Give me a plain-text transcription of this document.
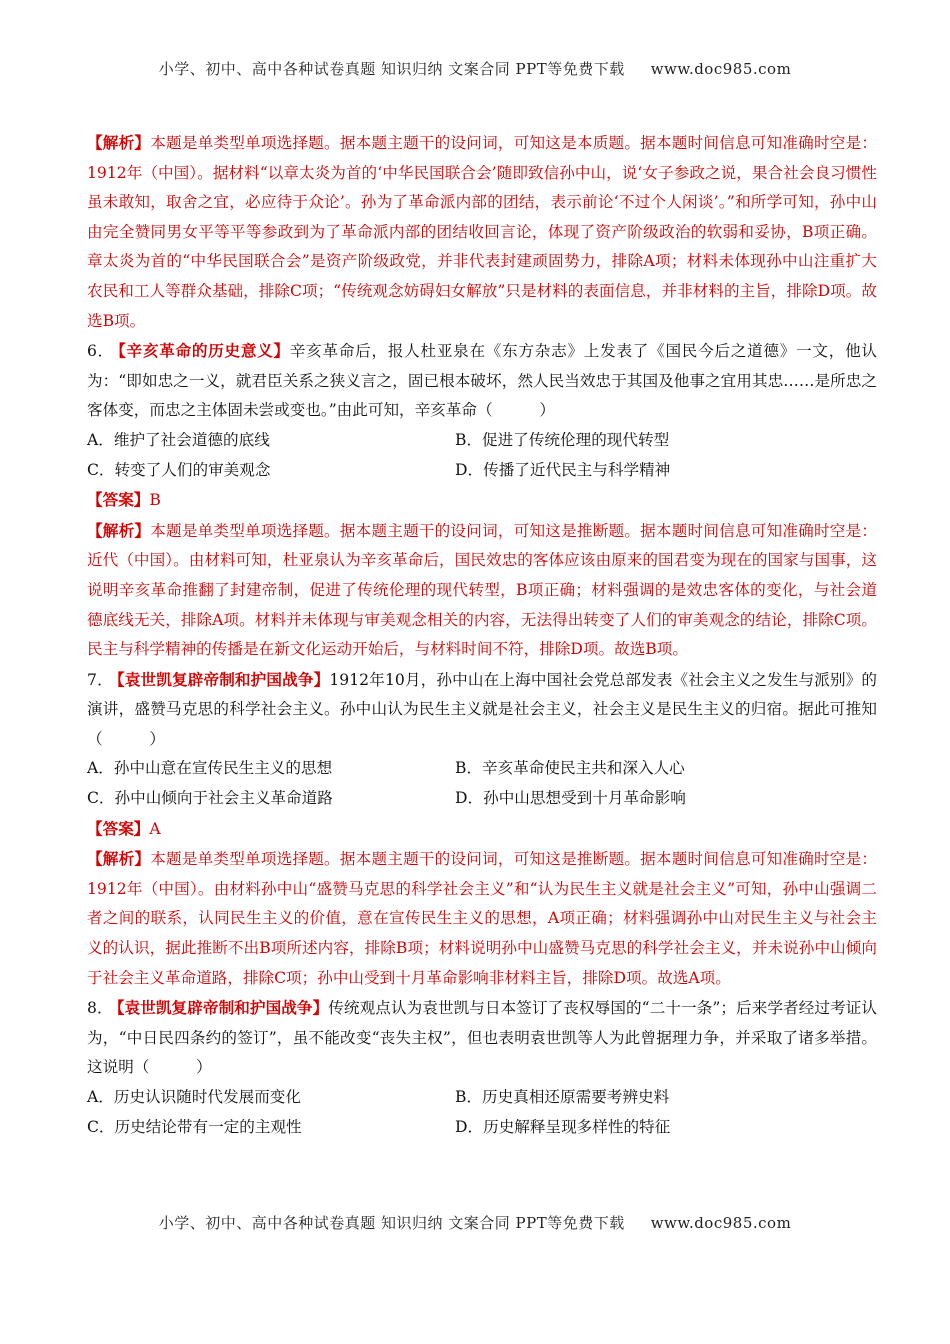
小学、初中、高中各种试卷真题 知识归纳 文案合同 PPT等免费下载 www.doc985.com

【解析】本题是单类型单项选择题。据本题主题干的设问词，可知这是本质题。据本题时间信息可知准确时空是：1912年（中国）。据材料“以章太炎为首的‘中华民国联合会’随即致信孙中山，说‘女子参政之说，果合社会良习惯性虽未敢知，取舍之宜，必应待于众论’。孙为了革命派内部的团结，表示前论‘不过个人闲谈’。”和所学可知，孙中山由完全赞同男女平等平等参政到为了革命派内部的团结收回言论，体现了资产阶级政治的软弱和妥协，B项正确。章太炎为首的“中华民国联合会”是资产阶级政党，并非代表封建顽固势力，排除A项；材料未体现孙中山注重扩大农民和工人等群众基础，排除C项；“传统观念妨碍妇女解放”只是材料的表面信息，并非材料的主旨，排除D项。故选B项。

6． 【辛亥革命的历史意义】辛亥革命后，报人杜亚泉在《东方杂志》上发表了《国民今后之道德》一文，他认为：“即如忠之一义，就君臣关系之狭义言之，固已根本破坏，然人民当效忠于其国及他事之宜用其忠……是所忠之客体变，而忠之主体固未尝或变也。”由此可知，辛亥革命（　　　）

A．维护了社会道德的底线	B．促进了传统伦理的现代转型

C．转变了人们的审美观念	D．传播了近代民主与科学精神

【答案】B

【解析】本题是单类型单项选择题。据本题主题干的设问词，可知这是推断题。据本题时间信息可知准确时空是：近代（中国）。由材料可知，杜亚泉认为辛亥革命后，国民效忠的客体应该由原来的国君变为现在的国家与国事，这说明辛亥革命推翻了封建帝制，促进了传统伦理的现代转型，B项正确；材料强调的是效忠客体的变化，与社会道德底线无关，排除A项。材料并未体现与审美观念相关的内容，无法得出转变了人们的审美观念的结论，排除C项。民主与科学精神的传播是在新文化运动开始后，与材料时间不符，排除D项。故选B项。

7． 【袁世凯复辟帝制和护国战争】1912年10月，孙中山在上海中国社会党总部发表《社会主义之发生与派别》的演讲，盛赞马克思的科学社会主义。孙中山认为民生主义就是社会主义，社会主义是民生主义的归宿。据此可推知（　　　）

A．孙中山意在宣传民生主义的思想	B．辛亥革命使民主共和深入人心

C．孙中山倾向于社会主义革命道路	D．孙中山思想受到十月革命影响

【答案】A

【解析】本题是单类型单项选择题。据本题主题干的设问词，可知这是推断题。据本题时间信息可知准确时空是：1912年（中国）。由材料孙中山“盛赞马克思的科学社会主义”和“认为民生主义就是社会主义”可知，孙中山强调二者之间的联系，认同民生主义的价值，意在宣传民生主义的思想，A项正确；材料强调孙中山对民生主义与社会主义的认识，据此推断不出B项所述内容，排除B项；材料说明孙中山盛赞马克思的科学社会主义，并未说孙中山倾向于社会主义革命道路，排除C项；孙中山受到十月革命影响非材料主旨，排除D项。故选A项。

8． 【袁世凯复辟帝制和护国战争】传统观点认为袁世凯与日本签订了丧权辱国的“二十一条”；后来学者经过考证认为，“中日民四条约的签订”，虽不能改变“丧失主权”，但也表明袁世凯等人为此曾据理力争，并采取了诸多举措。这说明（　　　）

A．历史认识随时代发展而变化	B．历史真相还原需要考辨史料

C．历史结论带有一定的主观性	D．历史解释呈现多样性的特征

小学、初中、高中各种试卷真题 知识归纳 文案合同 PPT等免费下载 www.doc985.com
